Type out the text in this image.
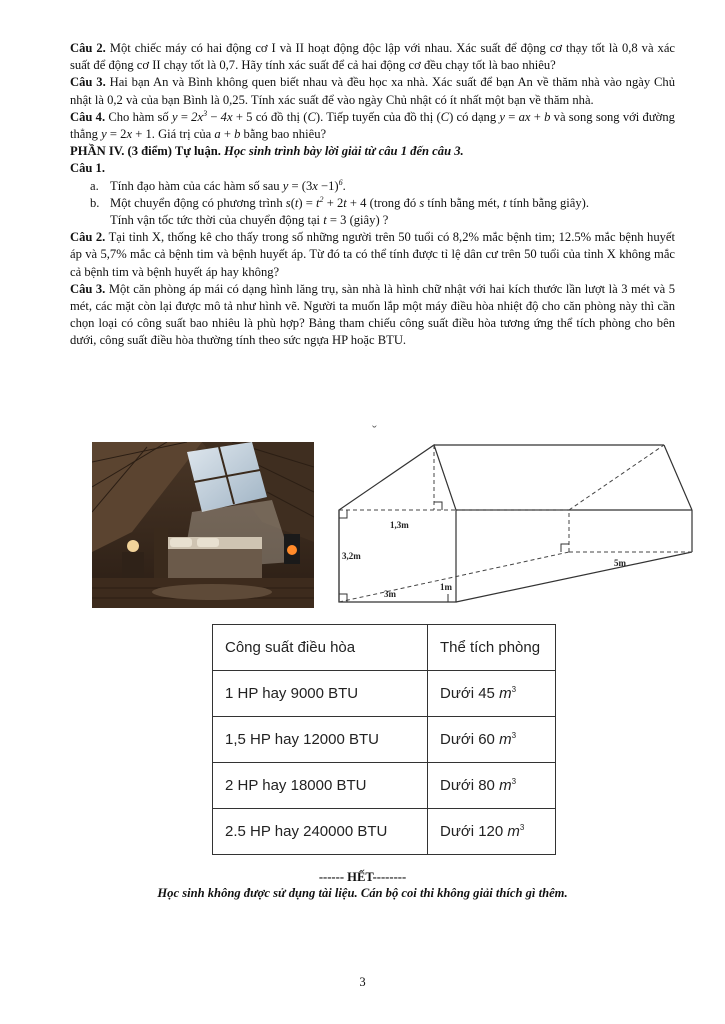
Câu 2. Một chiếc máy có hai động cơ I và II hoạt động độc lập với nhau. Xác suất để động cơ thạy tốt là 0,8 và xác suất để động cơ II chạy tốt là 0,7. Hãy tính xác suất để cả hai động cơ đều chạy tốt là bao nhiêu?

Câu 3. Hai bạn An và Bình không quen biết nhau và đều học xa nhà. Xác suất để bạn An về thăm nhà vào ngày Chủ nhật là 0,2 và của bạn Bình là 0,25. Tính xác suất để vào ngày Chủ nhật có ít nhất một bạn về thăm nhà.

Câu 4. Cho hàm số $y = 2x^3 - 4x + 5$ có đồ thị (C). Tiếp tuyến của đồ thị (C) có dạng y = ax + b và song song với đường thẳng y = 2x + 1. Giá trị của a + b bằng bao nhiêu?

PHẦN IV. (3 điểm) Tự luận. Học sinh trình bày lời giải từ câu 1 đến câu 3.

Câu 1.

a. Tính đạo hàm của các hàm số sau $y = (3x -1)^6$.
b. Một chuyển động có phương trình $s(t) = t^2 + 2t + 4$ (trong đó s tính bằng mét, t tính bằng giây).
Tính vận tốc tức thời của chuyển động tại t = 3 (giây) ?

Câu 2. Tại tỉnh X, thống kê cho thấy trong số những người trên 50 tuổi có 8,2% mắc bệnh tim; 12.5% mắc bệnh huyết áp và 5,7% mắc cả bệnh tim và bệnh huyết áp. Từ đó ta có thể tính được tỉ lệ dân cư trên 50 tuổi của tỉnh X không mắc cả bệnh tim và bệnh huyết áp hay không?

Câu 3. Một căn phòng áp mái có dạng hình lăng trụ, sàn nhà là hình chữ nhật với hai kích thước lần lượt là 3 mét và 5 mét, các mặt còn lại được mô tả như hình vẽ. Người ta muốn lắp một máy điều hòa nhiệt độ cho căn phòng này thì cần chọn loại có công suất bao nhiêu là phù hợp? Bảng tham chiếu công suất điều hòa tương ứng thể tích phòng cho bên dưới, công suất điều hòa thường tính theo sức ngựa HP hoặc BTU.

ˇ
1,3m
3,2m
3m
1m
5m
Công suất điều hòa	Thể tích phòng
1 HP hay 9000 BTU	Dưới 45 $m^3$
1,5 HP hay 12000 BTU	Dưới 60 $m^3$
2 HP hay 18000 BTU	Dưới 80 $m^3$
2.5 HP hay 240000 BTU	Dưới 120 $m^3$
------ HẾT--------
Học sinh không được sử dụng tài liệu. Cán bộ coi thi không giải thích gì thêm.
3
